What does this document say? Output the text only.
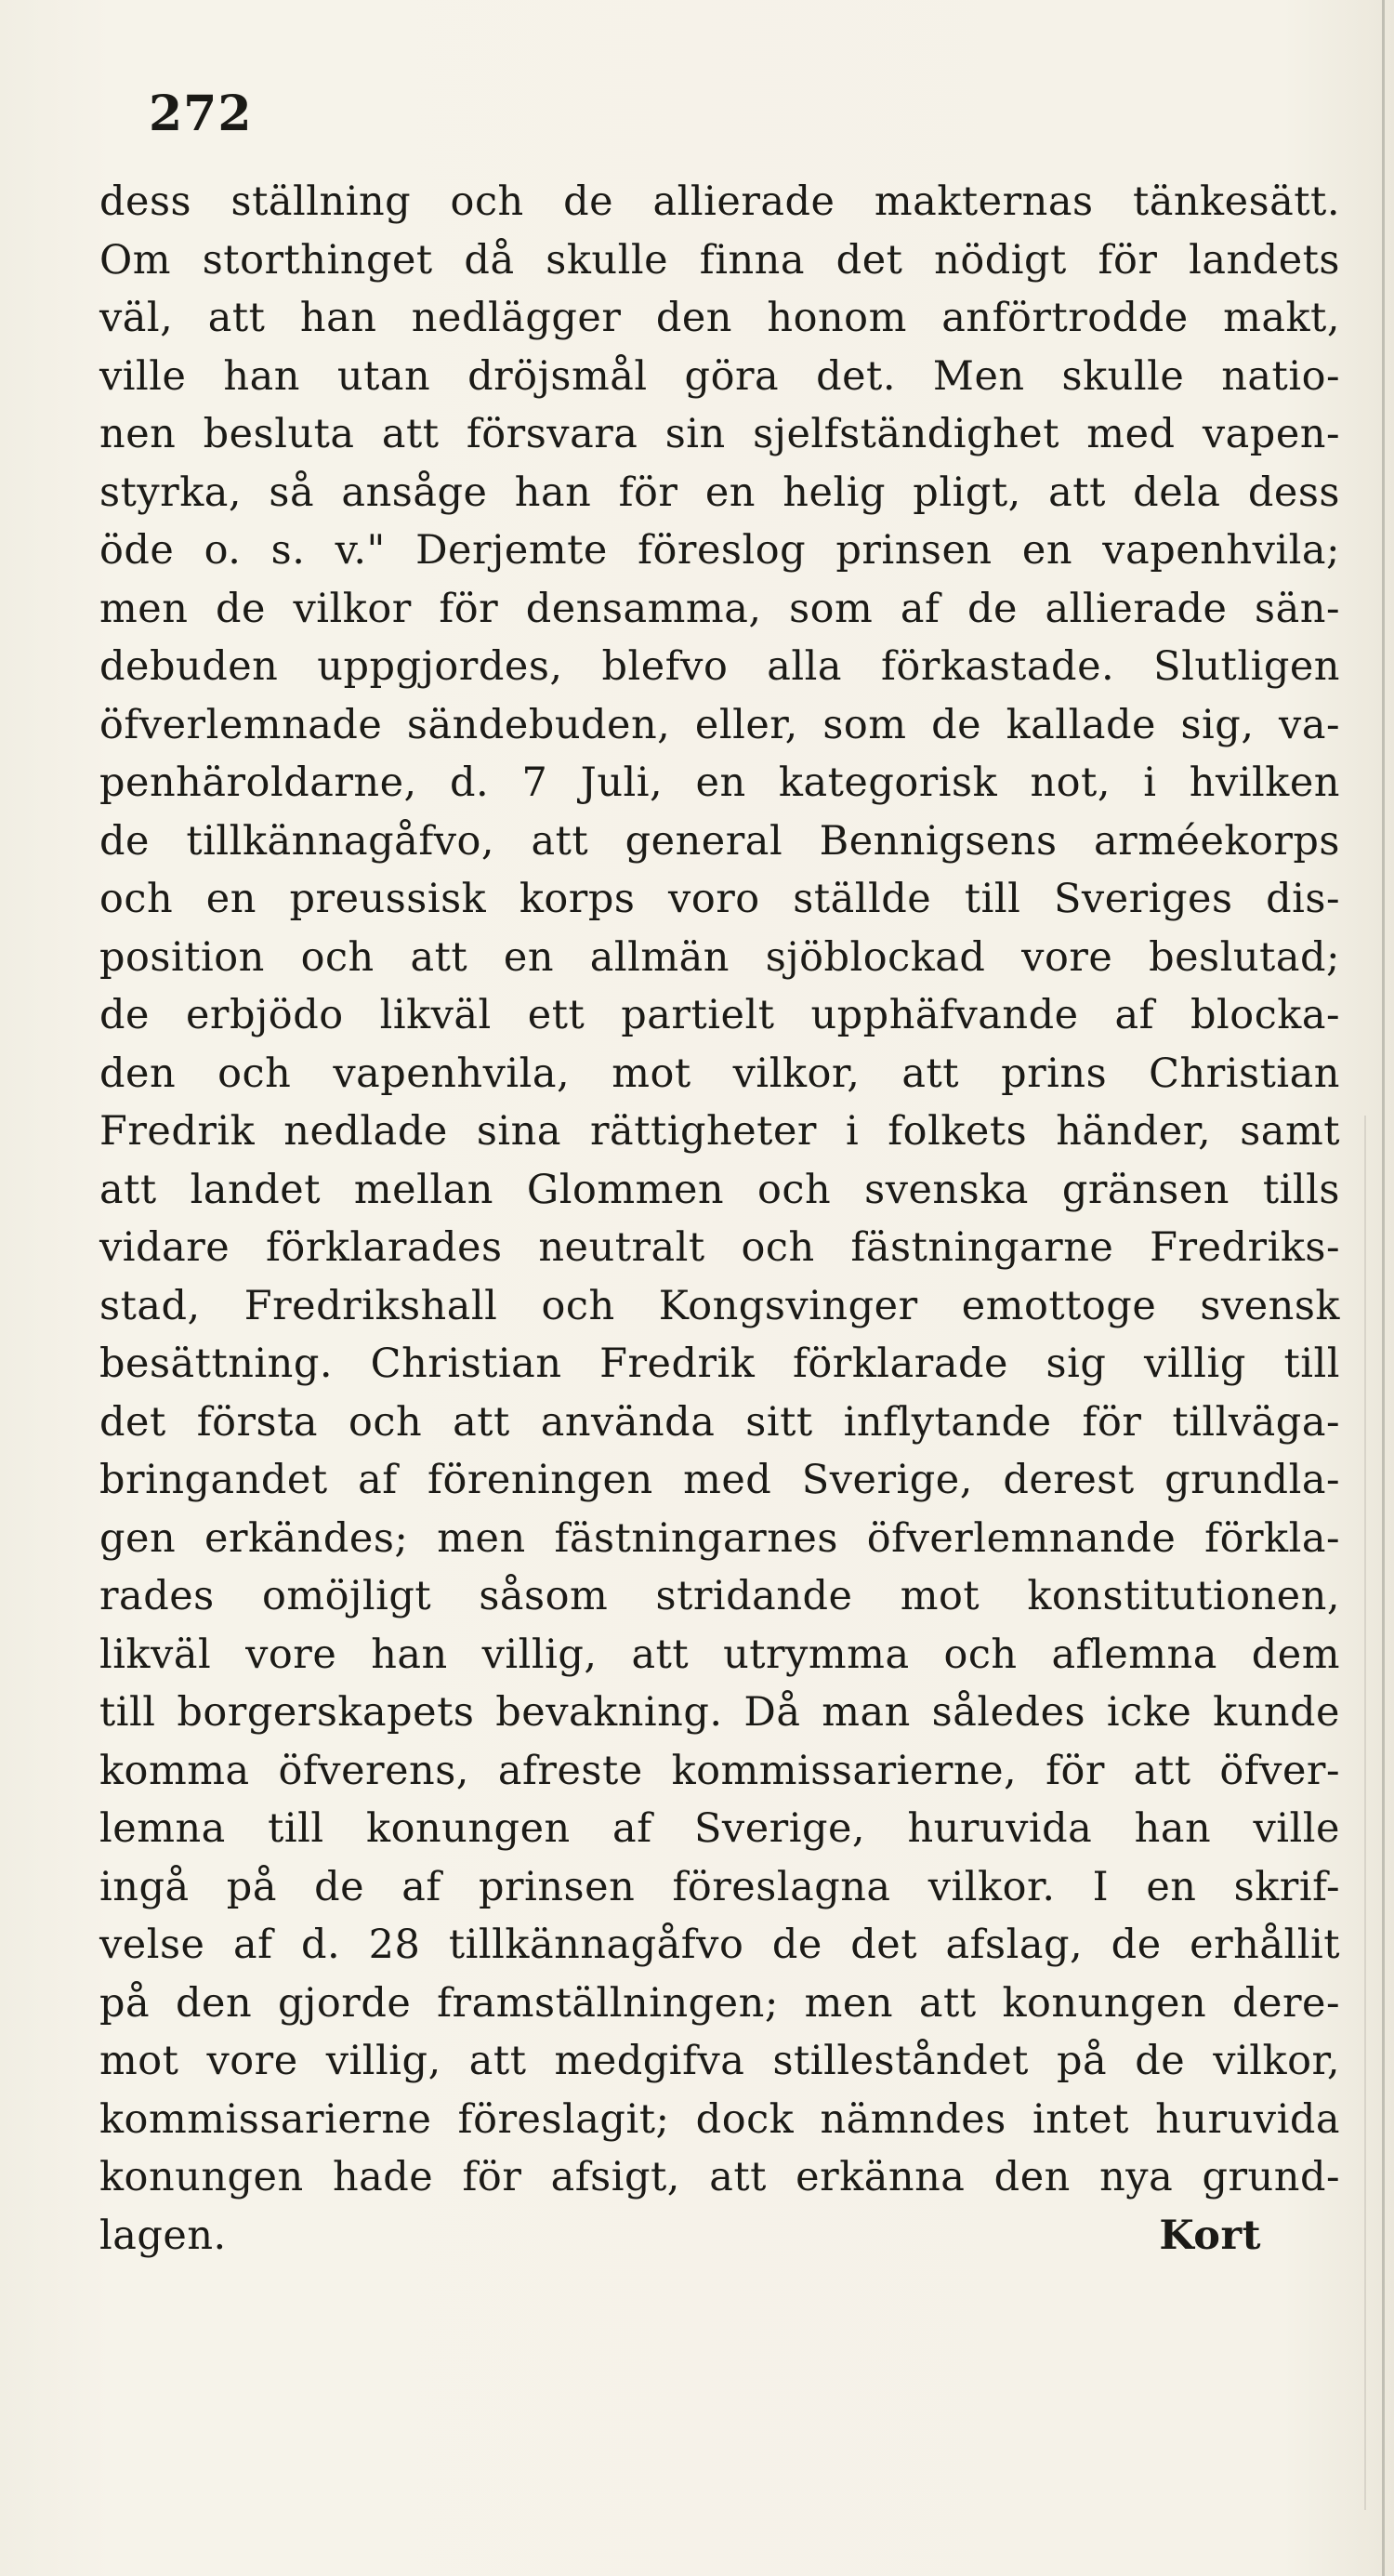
272
dess ställning och de allierade makternas tänkesätt.
Om storthinget då skulle finna det nödigt för landets
väl, att han nedlägger den honom anförtrodde makt,
ville han utan dröjsmål göra det. Men skulle natio-
nen besluta att försvara sin sjelfständighet med vapen-
styrka, så ansåge han för en helig pligt, att dela dess
öde o. s. v." Derjemte föreslog prinsen en vapenhvila;
men de vilkor för densamma, som af de allierade sän-
debuden uppgjordes, blefvo alla förkastade. Slutligen
öfverlemnade sändebuden, eller, som de kallade sig, va-
penhäroldarne, d. 7 Juli, en kategorisk not, i hvilken
de tillkännagåfvo, att general Bennigsens arméekorps
och en preussisk korps voro ställde till Sveriges dis-
position och att en allmän sjöblockad vore beslutad;
de erbjödo likväl ett partielt upphäfvande af blocka-
den och vapenhvila, mot vilkor, att prins Christian
Fredrik nedlade sina rättigheter i folkets händer, samt
att landet mellan Glommen och svenska gränsen tills
vidare förklarades neutralt och fästningarne Fredriks-
stad, Fredrikshall och Kongsvinger emottoge svensk
besättning. Christian Fredrik förklarade sig villig till
det första och att använda sitt inflytande för tillväga-
bringandet af föreningen med Sverige, derest grundla-
gen erkändes; men fästningarnes öfverlemnande förkla-
rades omöjligt såsom stridande mot konstitutionen,
likväl vore han villig, att utrymma och aflemna dem
till borgerskapets bevakning. Då man således icke kunde
komma öfverens, afreste kommissarierne, för att öfver-
lemna till konungen af Sverige, huruvida han ville
ingå på de af prinsen föreslagna vilkor. I en skrif-
velse af d. 28 tillkännagåfvo de det afslag, de erhållit
på den gjorde framställningen; men att konungen dere-
mot vore villig, att medgifva stilleståndet på de vilkor,
kommissarierne föreslagit; dock nämndes intet huruvida
konungen hade för afsigt, att erkänna den nya grund-
lagen.	Kort
